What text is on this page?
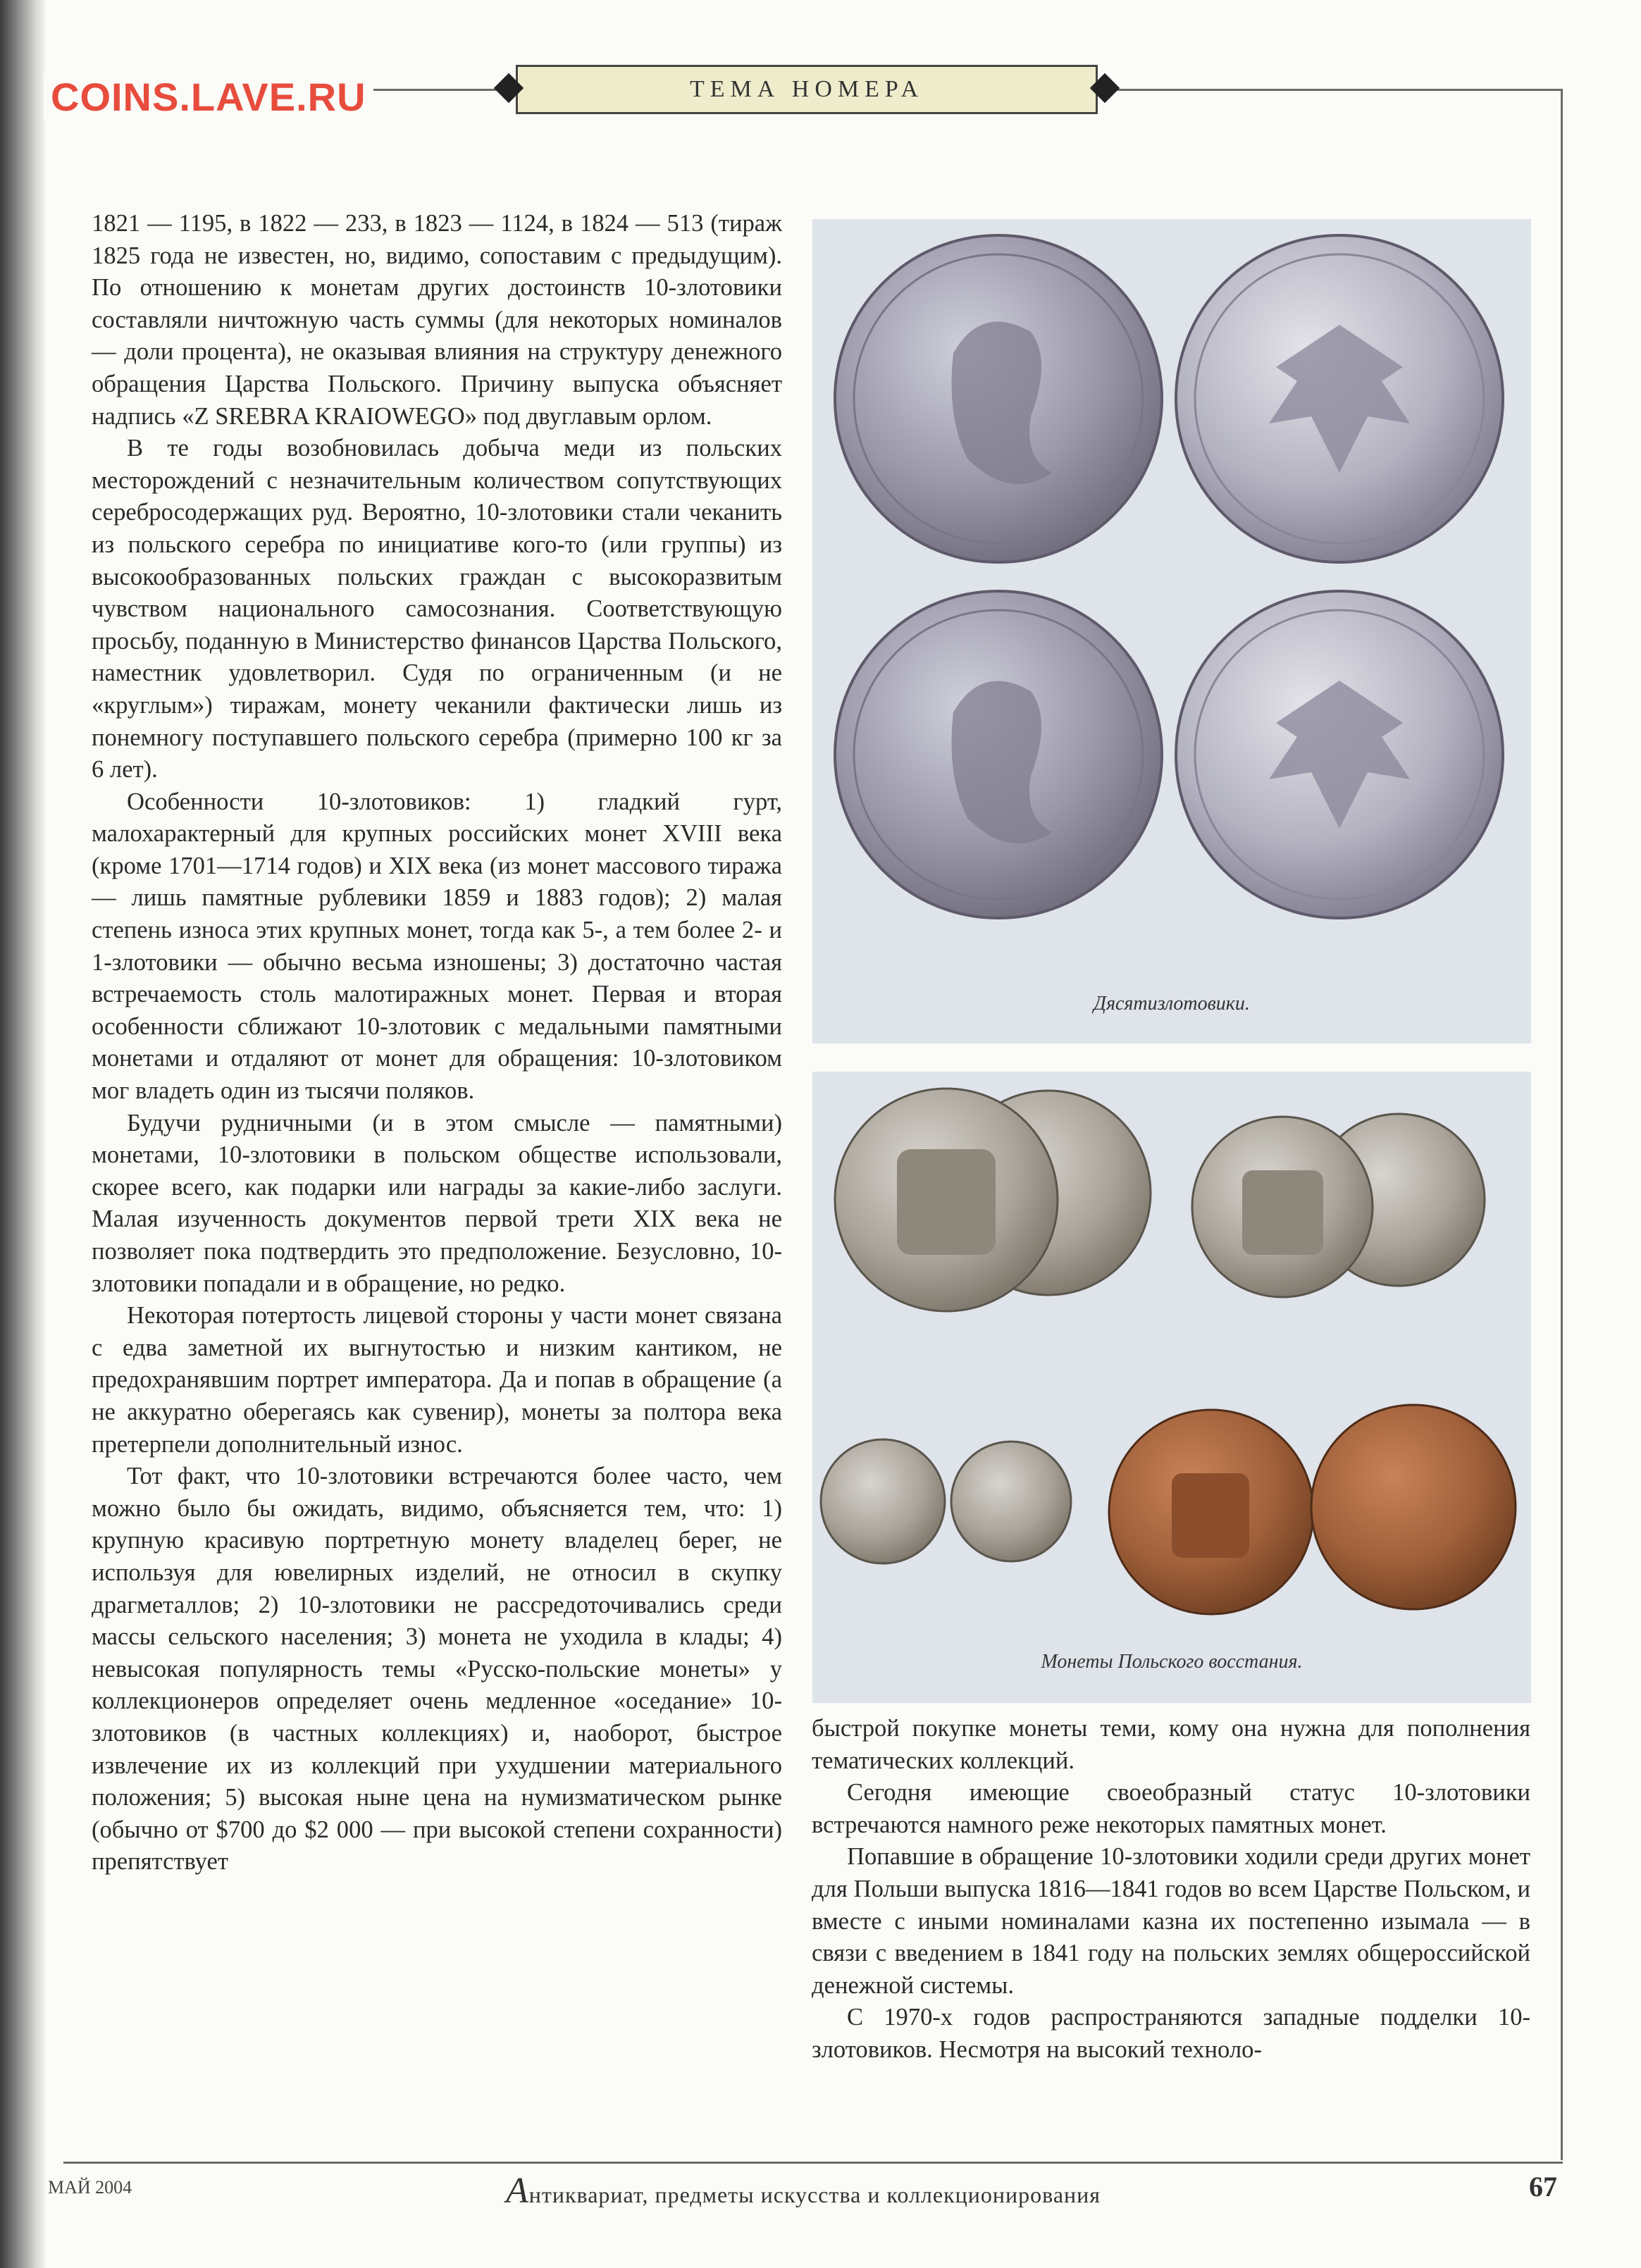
ТЕМА НОМЕРА
COINS.LAVE.RU

1821 — 1195, в 1822 — 233, в 1823 — 1124, в 1824 — 513 (тираж 1825 года не известен, но, видимо, сопоставим с предыдущим). По отношению к монетам других достоинств 10-злотовики составляли ничтожную часть суммы (для некоторых номиналов — доли процента), не оказывая влияния на структуру денежного обращения Царства Польского. Причину выпуска объясняет надпись «Z SREBRA KRAIOWEGO» под двуглавым орлом.

В те годы возобновилась добыча меди из польских месторождений с незначительным количеством сопутствующих серебросодержащих руд. Вероятно, 10-злотовики стали чеканить из польского серебра по инициативе кого-то (или группы) из высокообразованных польских граждан с высокоразвитым чувством национального самосознания. Соответствующую просьбу, поданную в Министерство финансов Царства Польского, наместник удовлетворил. Судя по ограниченным (и не «круглым») тиражам, монету чеканили фактически лишь из понемногу поступавшего польского серебра (примерно 100 кг за 6 лет).

Особенности 10-злотовиков: 1) гладкий гурт, малохарактерный для крупных российских монет XVIII века (кроме 1701—1714 годов) и XIX века (из монет массового тиража — лишь памятные рублевики 1859 и 1883 годов); 2) малая степень износа этих крупных монет, тогда как 5-, а тем более 2- и 1-злотовики — обычно весьма изношены; 3) достаточно частая встречаемость столь малотиражных монет. Первая и вторая особенности сближают 10-злотовик с медальными памятными монетами и отдаляют от монет для обращения: 10-злотовиком мог владеть один из тысячи поляков.

Будучи рудничными (и в этом смысле — памятными) монетами, 10-злотовики в польском обществе использовали, скорее всего, как подарки или награды за какие-либо заслуги. Малая изученность документов первой трети XIX века не позволяет пока подтвердить это предположение. Безусловно, 10-злотовики попадали и в обращение, но редко.

Некоторая потертость лицевой стороны у части монет связана с едва заметной их выгнутостью и низким кантиком, не предохранявшим портрет императора. Да и попав в обращение (а не аккуратно оберегаясь как сувенир), монеты за полтора века претерпели дополнительный износ.

Тот факт, что 10-злотовики встречаются более часто, чем можно было бы ожидать, видимо, объясняется тем, что: 1) крупную красивую портретную монету владелец берег, не используя для ювелирных изделий, не относил в скупку драгметаллов; 2) 10-злотовики не рассредоточивались среди массы сельского населения; 3) монета не уходила в клады; 4) невысокая популярность темы «Русско-польские монеты» у коллекционеров определяет очень медленное «оседание» 10-злотовиков (в частных коллекциях) и, наоборот, быстрое извлечение их из коллекций при ухудшении материального положения; 5) высокая ныне цена на нумизматическом рынке (обычно от $700 до $2 000 — при высокой степени сохранности) препятствует

Дясятизлотовики.
Монеты Польского восстания.

быстрой покупке монеты теми, кому она нужна для пополнения тематических коллекций.

Сегодня имеющие своеобразный статус 10-злотовики встречаются намного реже некоторых памятных монет.

Попавшие в обращение 10-злотовики ходили среди других монет для Польши выпуска 1816—1841 годов во всем Царстве Польском, и вместе с иными номиналами казна их постепенно изымала — в связи с введением в 1841 году на польских землях общероссийской денежной системы.

С 1970-х годов распространяются западные подделки 10-злотовиков. Несмотря на высокий техноло-

МАЙ 2004	Антиквариат, предметы искусства и коллекционирования	67
